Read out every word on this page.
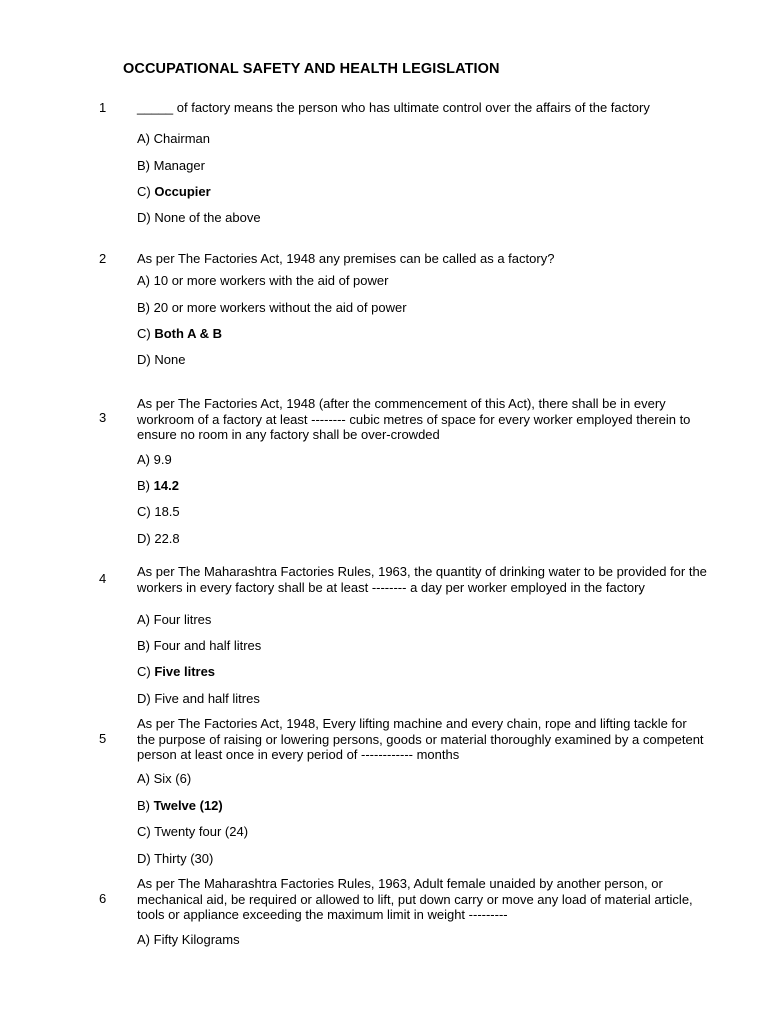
OCCUPATIONAL SAFETY AND HEALTH LEGISLATION
1 _____ of factory means the person who has ultimate control over the affairs of the factory
A) Chairman
B) Manager
C) Occupier
D) None of the above
2 As per The Factories Act, 1948 any premises can be called as a factory?
A) 10 or more workers with the aid of power
B) 20 or more workers without the aid of power
C) Both A & B
D) None
3
As per The Factories Act, 1948 (after the commencement of this Act), there shall be in every
workroom of a factory at least -------- cubic metres of space for every worker employed therein to
ensure no room in any factory shall be over-crowded
A) 9.9
B) 14.2
C) 18.5
D) 22.8
4 As per The Maharashtra Factories Rules, 1963, the quantity of drinking water to be provided for the
workers in every factory shall be at least -------- a day per worker employed in the factory
A) Four litres
B) Four and half litres
C) Five litres
D) Five and half litres
5
As per The Factories Act, 1948, Every lifting machine and every chain, rope and lifting tackle for
the purpose of raising or lowering persons, goods or material thoroughly examined by a competent
person at least once in every period of ------------ months
A) Six (6)
B) Twelve (12)
C) Twenty four (24)
D) Thirty (30)
6
As per The Maharashtra Factories Rules, 1963, Adult female unaided by another person, or
mechanical aid, be required or allowed to lift, put down carry or move any load of material article,
tools or appliance exceeding the maximum limit in weight ---------
A) Fifty Kilograms
